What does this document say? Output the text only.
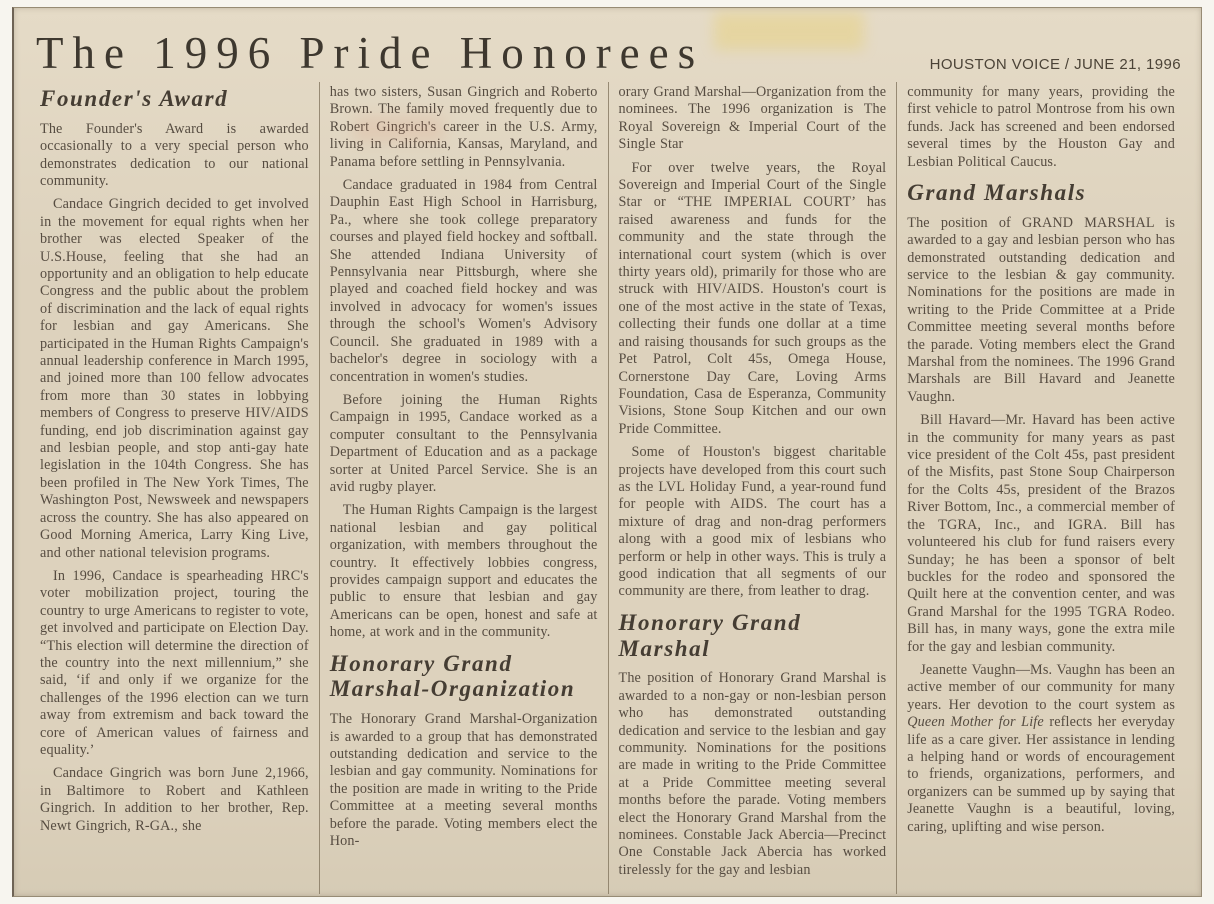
The 1996 Pride Honorees	HOUSTON VOICE / JUNE 21, 1996
Founder's Award

The Founder's Award is awarded occasionally to a very special person who demonstrates dedication to our national community.

Candace Gingrich decided to get involved in the movement for equal rights when her brother was elected Speaker of the U.S.House, feeling that she had an opportunity and an obligation to help educate Congress and the public about the problem of discrimination and the lack of equal rights for lesbian and gay Americans. She participated in the Human Rights Campaign's annual leadership conference in March 1995, and joined more than 100 fellow advocates from more than 30 states in lobbying members of Congress to preserve HIV/AIDS funding, end job discrimination against gay and lesbian people, and stop anti-gay hate legislation in the 104th Congress. She has been profiled in The New York Times, The Washington Post, Newsweek and newspapers across the country. She has also appeared on Good Morning America, Larry King Live, and other national television programs.

In 1996, Candace is spearheading HRC's voter mobilization project, touring the country to urge Americans to register to vote, get involved and participate on Election Day. “This election will determine the direction of the country into the next millennium,” she said, ‘if and only if we organize for the challenges of the 1996 election can we turn away from extremism and back toward the core of American values of fairness and equality.’

Candace Gingrich was born June 2,1966, in Baltimore to Robert and Kathleen Gingrich. In addition to her brother, Rep. Newt Gingrich, R-GA., she

has two sisters, Susan Gingrich and Roberto Brown. The family moved frequently due to Robert Gingrich's career in the U.S. Army, living in California, Kansas, Maryland, and Panama before settling in Pennsylvania.

Candace graduated in 1984 from Central Dauphin East High School in Harrisburg, Pa., where she took college preparatory courses and played field hockey and softball. She attended Indiana University of Pennsylvania near Pittsburgh, where she played and coached field hockey and was involved in advocacy for women's issues through the school's Women's Advisory Council. She graduated in 1989 with a bachelor's degree in sociology with a concentration in women's studies.

Before joining the Human Rights Campaign in 1995, Candace worked as a computer consultant to the Pennsylvania Department of Education and as a package sorter at United Parcel Service. She is an avid rugby player.

The Human Rights Campaign is the largest national lesbian and gay political organization, with members throughout the country. It effectively lobbies congress, provides campaign support and educates the public to ensure that lesbian and gay Americans can be open, honest and safe at home, at work and in the community.

Honorary Grand Marshal-Organization

The Honorary Grand Marshal-Organization is awarded to a group that has demonstrated outstanding dedication and service to the lesbian and gay community. Nominations for the position are made in writing to the Pride Committee at a meeting several months before the parade. Voting members elect the Hon-

orary Grand Marshal—Organization from the nominees. The 1996 organization is The Royal Sovereign & Imperial Court of the Single Star

For over twelve years, the Royal Sovereign and Imperial Court of the Single Star or “THE IMPERIAL COURT’ has raised awareness and funds for the community and the state through the international court system (which is over thirty years old), primarily for those who are struck with HIV/AIDS. Houston's court is one of the most active in the state of Texas, collecting their funds one dollar at a time and raising thousands for such groups as the Pet Patrol, Colt 45s, Omega House, Cornerstone Day Care, Loving Arms Foundation, Casa de Esperanza, Community Visions, Stone Soup Kitchen and our own Pride Committee.

Some of Houston's biggest charitable projects have developed from this court such as the LVL Holiday Fund, a year-round fund for people with AIDS. The court has a mixture of drag and non-drag performers along with a good mix of lesbians who perform or help in other ways. This is truly a good indication that all segments of our community are there, from leather to drag.

Honorary Grand Marshal

The position of Honorary Grand Marshal is awarded to a non-gay or non-lesbian person who has demonstrated outstanding dedication and service to the lesbian and gay community. Nominations for the positions are made in writing to the Pride Committee at a Pride Committee meeting several months before the parade. Voting members elect the Honorary Grand Marshal from the nominees. Constable Jack Abercia—Precinct One Constable Jack Abercia has worked tirelessly for the gay and lesbian

community for many years, providing the first vehicle to patrol Montrose from his own funds. Jack has screened and been endorsed several times by the Houston Gay and Lesbian Political Caucus.

Grand Marshals

The position of GRAND MARSHAL is awarded to a gay and lesbian person who has demonstrated outstanding dedication and service to the lesbian & gay community. Nominations for the positions are made in writing to the Pride Committee at a Pride Committee meeting several months before the parade. Voting members elect the Grand Marshal from the nominees. The 1996 Grand Marshals are Bill Havard and Jeanette Vaughn.

Bill Havard—Mr. Havard has been active in the community for many years as past vice president of the Colt 45s, past president of the Misfits, past Stone Soup Chairperson for the Colts 45s, president of the Brazos River Bottom, Inc., a commercial member of the TGRA, Inc., and IGRA. Bill has volunteered his club for fund raisers every Sunday; he has been a sponsor of belt buckles for the rodeo and sponsored the Quilt here at the convention center, and was Grand Marshal for the 1995 TGRA Rodeo. Bill has, in many ways, gone the extra mile for the gay and lesbian community.

Jeanette Vaughn—Ms. Vaughn has been an active member of our community for many years. Her devotion to the court system as Queen Mother for Life reflects her everyday life as a care giver. Her assistance in lending a helping hand or words of encouragement to friends, organizations, performers, and organizers can be summed up by saying that Jeanette Vaughn is a beautiful, loving, caring, uplifting and wise person.
